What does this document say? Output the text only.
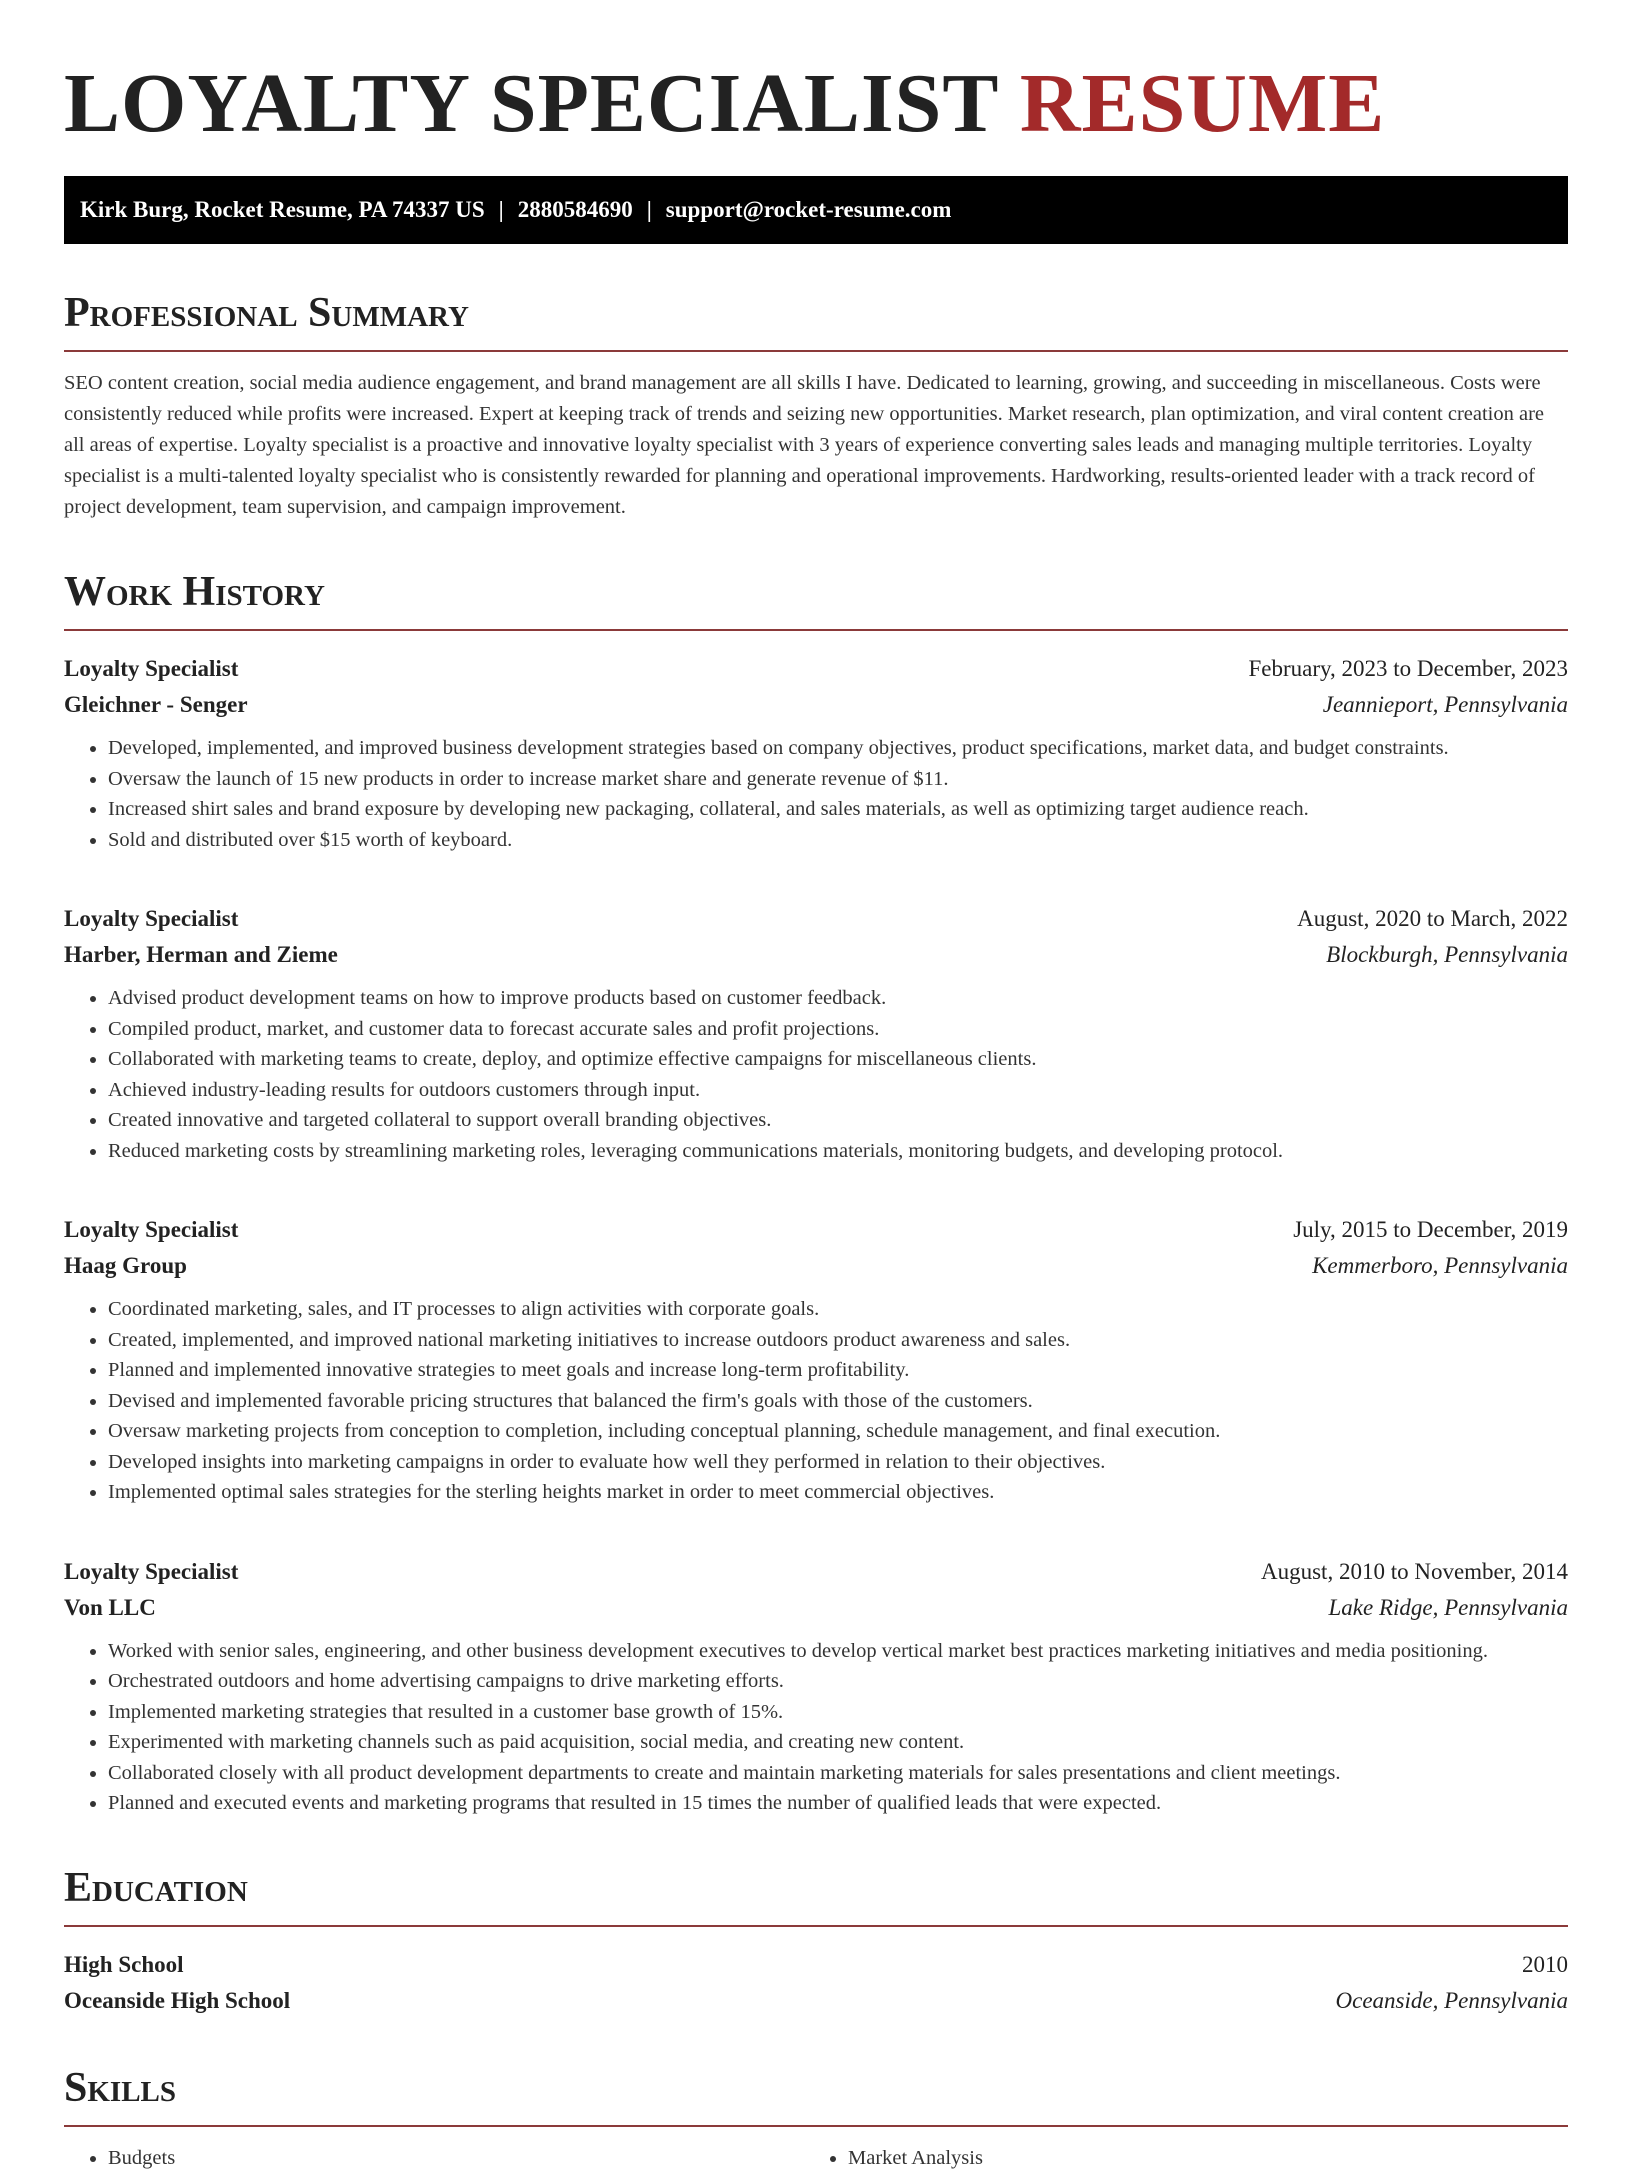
LOYALTY SPECIALIST RESUME
Kirk Burg, Rocket Resume, PA 74337 US | 2880584690 | support@rocket-resume.com
Professional Summary

SEO content creation, social media audience engagement, and brand management are all skills I have. Dedicated to learning, growing, and succeeding in miscellaneous. Costs were consistently reduced while profits were increased. Expert at keeping track of trends and seizing new opportunities. Market research, plan optimization, and viral content creation are all areas of expertise. Loyalty specialist is a proactive and innovative loyalty specialist with 3 years of experience converting sales leads and managing multiple territories. Loyalty specialist is a multi-talented loyalty specialist who is consistently rewarded for planning and operational improvements. Hardworking, results-oriented leader with a track record of project development, team supervision, and campaign improvement.

Work History
Loyalty Specialist	February, 2023 to December, 2023
Gleichner - Senger	Jeannieport, Pennsylvania
• Developed, implemented, and improved business development strategies based on company objectives, product specifications, market data, and budget constraints.
• Oversaw the launch of 15 new products in order to increase market share and generate revenue of $11.
• Increased shirt sales and brand exposure by developing new packaging, collateral, and sales materials, as well as optimizing target audience reach.
• Sold and distributed over $15 worth of keyboard.
Loyalty Specialist	August, 2020 to March, 2022
Harber, Herman and Zieme	Blockburgh, Pennsylvania
• Advised product development teams on how to improve products based on customer feedback.
• Compiled product, market, and customer data to forecast accurate sales and profit projections.
• Collaborated with marketing teams to create, deploy, and optimize effective campaigns for miscellaneous clients.
• Achieved industry-leading results for outdoors customers through input.
• Created innovative and targeted collateral to support overall branding objectives.
• Reduced marketing costs by streamlining marketing roles, leveraging communications materials, monitoring budgets, and developing protocol.
Loyalty Specialist	July, 2015 to December, 2019
Haag Group	Kemmerboro, Pennsylvania
• Coordinated marketing, sales, and IT processes to align activities with corporate goals.
• Created, implemented, and improved national marketing initiatives to increase outdoors product awareness and sales.
• Planned and implemented innovative strategies to meet goals and increase long-term profitability.
• Devised and implemented favorable pricing structures that balanced the firm's goals with those of the customers.
• Oversaw marketing projects from conception to completion, including conceptual planning, schedule management, and final execution.
• Developed insights into marketing campaigns in order to evaluate how well they performed in relation to their objectives.
• Implemented optimal sales strategies for the sterling heights market in order to meet commercial objectives.
Loyalty Specialist	August, 2010 to November, 2014
Von LLC	Lake Ridge, Pennsylvania
• Worked with senior sales, engineering, and other business development executives to develop vertical market best practices marketing initiatives and media positioning.
• Orchestrated outdoors and home advertising campaigns to drive marketing efforts.
• Implemented marketing strategies that resulted in a customer base growth of 15%.
• Experimented with marketing channels such as paid acquisition, social media, and creating new content.
• Collaborated closely with all product development departments to create and maintain marketing materials for sales presentations and client meetings.
• Planned and executed events and marketing programs that resulted in 15 times the number of qualified leads that were expected.
Education
High School	2010
Oceanside High School	Oceanside, Pennsylvania
Skills
• Budgets
•	Market Analysis
